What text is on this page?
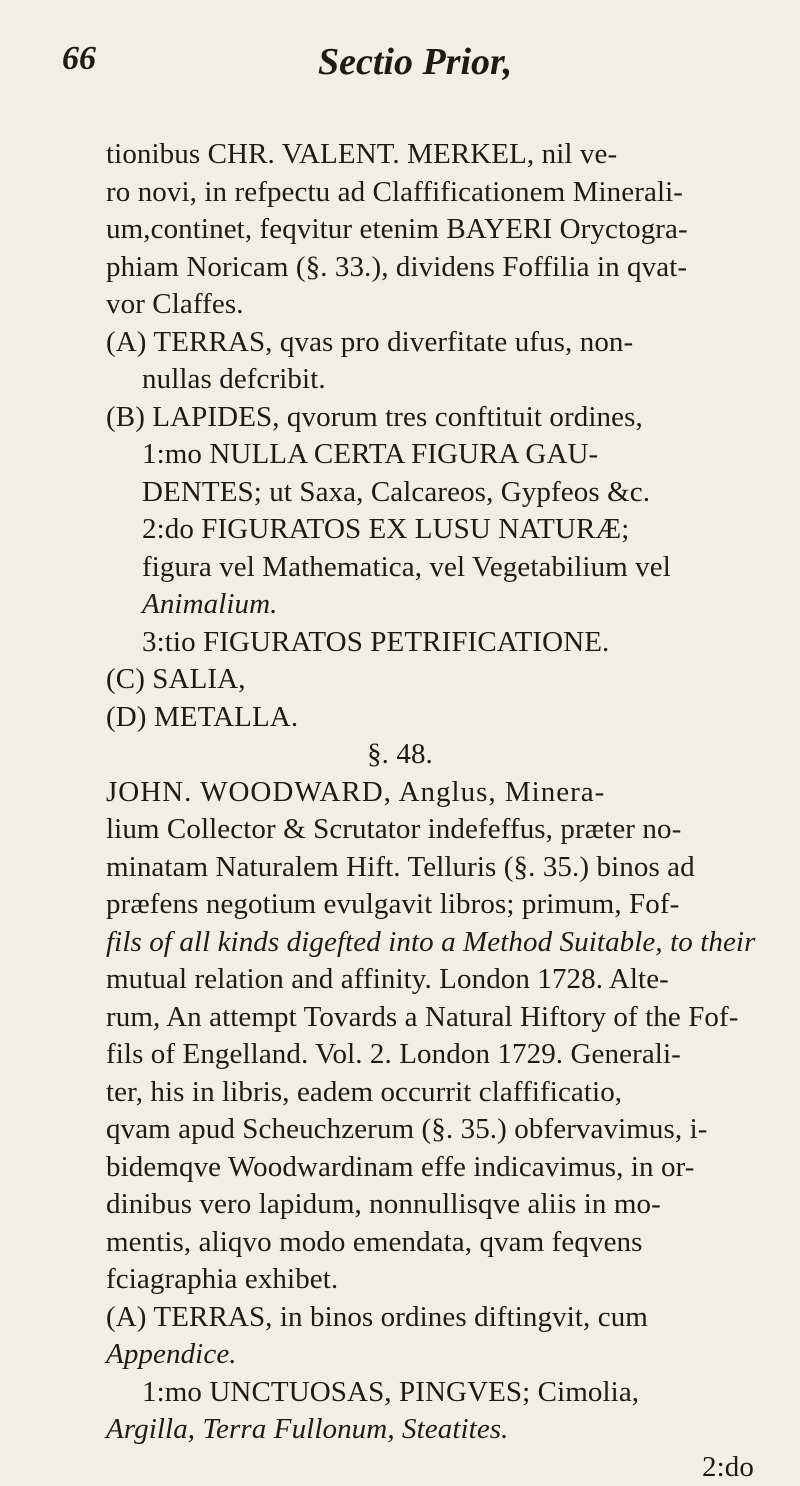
66	Sectio Prior,
tionibus CHR. VALENT. MERKEL, nil ve-
ro novi, in refpectu ad Claffificationem Minerali-
um,continet, feqvitur etenim BAYERI Oryctogra-
phiam Noricam (§. 33.), dividens Foffilia in qvat-
vor Claffes.
(A) TERRAS, qvas pro diverfitate ufus, non-
nullas defcribit.
(B) LAPIDES, qvorum tres conftituit ordines,
1:mo NULLA CERTA FIGURA GAU-
DENTES; ut Saxa, Calcareos, Gypfeos &c.
2:do FIGURATOS EX LUSU NATURÆ;
figura vel Mathematica, vel Vegetabilium vel
Animalium.
3:tio FIGURATOS PETRIFICATIONE.
(C) SALIA,
(D) METALLA.
§. 48.
JOHN. WOODWARD, Anglus, Minera-
lium Collector & Scrutator indefeffus, præter no-
minatam Naturalem Hift. Telluris (§. 35.) binos ad
præfens negotium evulgavit libros; primum, Fof-
fils of all kinds digefted into a Method Suitable, to their
mutual relation and affinity. London 1728. Alte-
rum, An attempt Tovards a Natural Hiftory of the Fof-
fils of Engelland. Vol. 2. London 1729. Generali-
ter, his in libris, eadem occurrit claffificatio,
qvam apud Scheuchzerum (§. 35.) obfervavimus, i-
bidemqve Woodwardinam effe indicavimus, in or-
dinibus vero lapidum, nonnullisqve aliis in mo-
mentis, aliqvo modo emendata, qvam feqvens
fciagraphia exhibet.
(A) TERRAS, in binos ordines diftingvit, cum
Appendice.
1:mo UNCTUOSAS, PINGVES; Cimolia,
Argilla, Terra Fullonum, Steatites.
2:do
